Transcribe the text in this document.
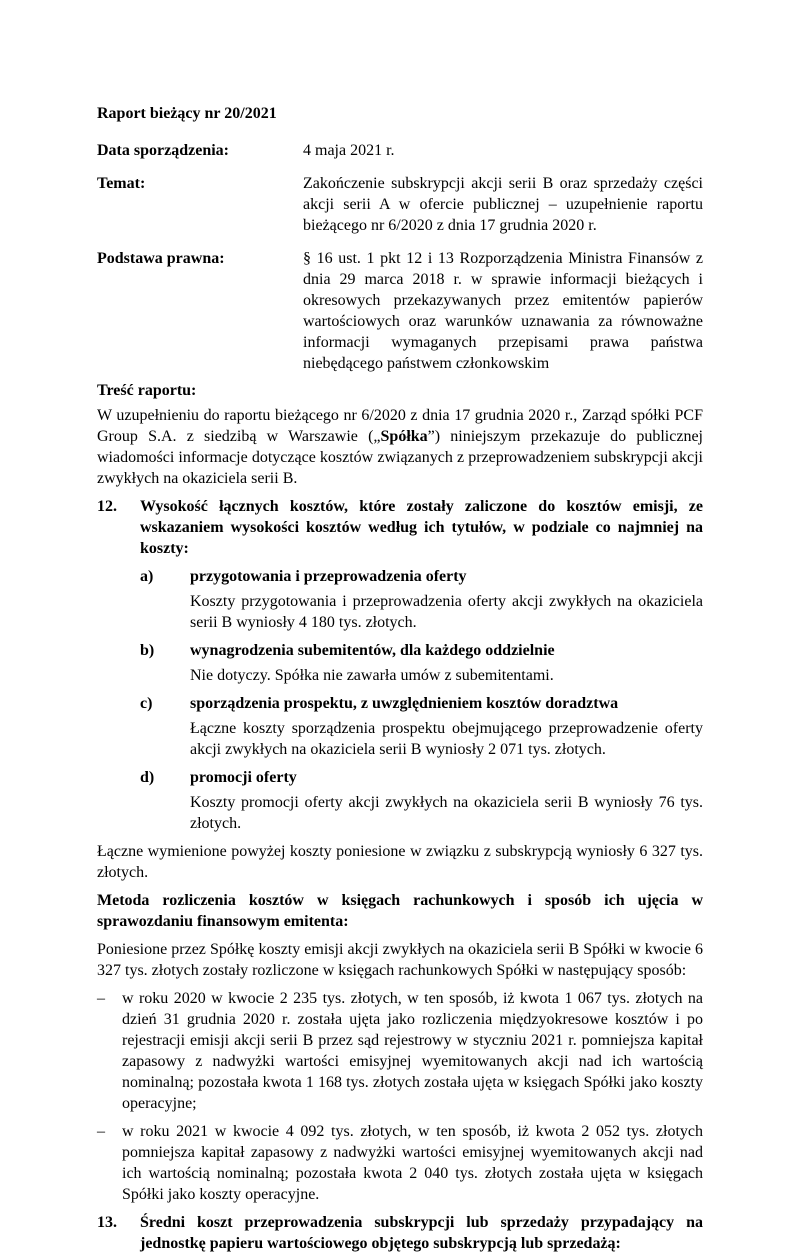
Raport bieżący nr 20/2021

Data sporządzenia:	4 maja 2021 r.
Temat:	Zakończenie subskrypcji akcji serii B oraz sprzedaży części akcji serii A w ofercie publicznej – uzupełnienie raportu bieżącego nr 6/2020 z dnia 17 grudnia 2020 r.
Podstawa prawna:	§ 16 ust. 1 pkt 12 i 13 Rozporządzenia Ministra Finansów z dnia 29 marca 2018 r. w sprawie informacji bieżących i okresowych przekazywanych przez emitentów papierów wartościowych oraz warunków uznawania za równoważne informacji wymaganych przepisami prawa państwa niebędącego państwem członkowskim

Treść raportu:

W uzupełnieniu do raportu bieżącego nr 6/2020 z dnia 17 grudnia 2020 r., Zarząd spółki PCF Group S.A. z siedzibą w Warszawie („Spółka”) niniejszym przekazuje do publicznej wiadomości informacje dotyczące kosztów związanych z przeprowadzeniem subskrypcji akcji zwykłych na okaziciela serii B.

12.	Wysokość łącznych kosztów, które zostały zaliczone do kosztów emisji, ze wskazaniem wysokości kosztów według ich tytułów, w podziale co najmniej na koszty:
a)	przygotowania i przeprowadzenia oferty

Koszty przygotowania i przeprowadzenia oferty akcji zwykłych na okaziciela serii B wyniosły 4 180 tys. złotych.

b)	wynagrodzenia subemitentów, dla każdego oddzielnie

Nie dotyczy. Spółka nie zawarła umów z subemitentami.

c)	sporządzenia prospektu, z uwzględnieniem kosztów doradztwa

Łączne koszty sporządzenia prospektu obejmującego przeprowadzenie oferty akcji zwykłych na okaziciela serii B wyniosły 2 071 tys. złotych.

d)	promocji oferty

Koszty promocji oferty akcji zwykłych na okaziciela serii B wyniosły 76 tys. złotych.

Łączne wymienione powyżej koszty poniesione w związku z subskrypcją wyniosły 6 327 tys. złotych.

Metoda rozliczenia kosztów w księgach rachunkowych i sposób ich ujęcia w sprawozdaniu finansowym emitenta:

Poniesione przez Spółkę koszty emisji akcji zwykłych na okaziciela serii B Spółki w kwocie 6 327 tys. złotych zostały rozliczone w księgach rachunkowych Spółki w następujący sposób:

–	w roku 2020 w kwocie 2 235 tys. złotych, w ten sposób, iż kwota 1 067 tys. złotych na dzień 31 grudnia 2020 r. została ujęta jako rozliczenia międzyokresowe kosztów i po rejestracji emisji akcji serii B przez sąd rejestrowy w styczniu 2021 r. pomniejsza kapitał zapasowy z nadwyżki wartości emisyjnej wyemitowanych akcji nad ich wartością nominalną; pozostała kwota 1 168 tys. złotych została ujęta w księgach Spółki jako koszty operacyjne;
–	w roku 2021 w kwocie 4 092 tys. złotych, w ten sposób, iż kwota 2 052 tys. złotych pomniejsza kapitał zapasowy z nadwyżki wartości emisyjnej wyemitowanych akcji nad ich wartością nominalną; pozostała kwota 2 040 tys. złotych została ujęta w księgach Spółki jako koszty operacyjne.
13.	Średni koszt przeprowadzenia subskrypcji lub sprzedaży przypadający na jednostkę papieru wartościowego objętego subskrypcją lub sprzedażą:
